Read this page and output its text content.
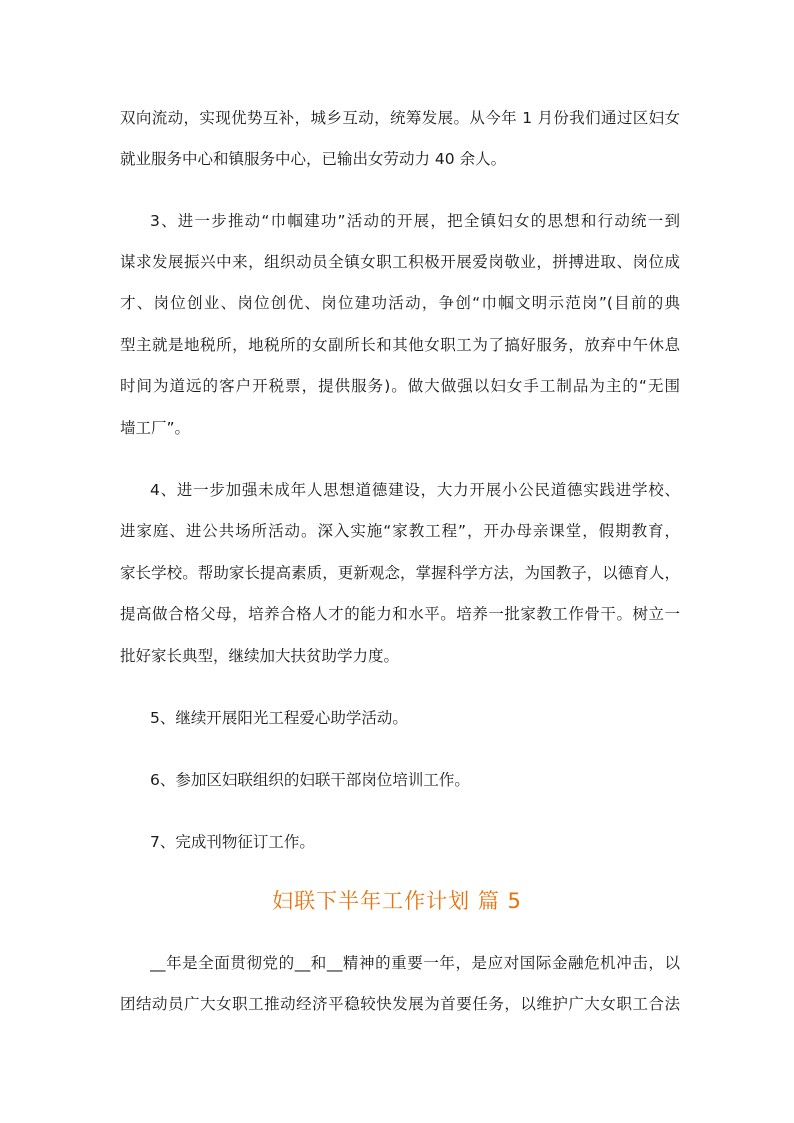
双向流动，实现优势互补，城乡互动，统筹发展。从今年 1 月份我们通过区妇女
就业服务中心和镇服务中心，已输出女劳动力 40 余人。
3、进一步推动“巾帼建功”活动的开展，把全镇妇女的思想和行动统一到
谋求发展振兴中来，组织动员全镇女职工积极开展爱岗敬业，拼搏进取、岗位成
才、岗位创业、岗位创优、岗位建功活动，争创“巾帼文明示范岗”(目前的典
型主就是地税所，地税所的女副所长和其他女职工为了搞好服务，放弃中午休息
时间为道远的客户开税票，提供服务)。做大做强以妇女手工制品为主的“无围
墙工厂”。
4、进一步加强未成年人思想道德建设，大力开展小公民道德实践进学校、
进家庭、进公共场所活动。深入实施“家教工程”，开办母亲课堂，假期教育，
家长学校。帮助家长提高素质，更新观念，掌握科学方法，为国教子，以德育人，
提高做合格父母，培养合格人才的能力和水平。培养一批家教工作骨干。树立一
批好家长典型，继续加大扶贫助学力度。
5、继续开展阳光工程爱心助学活动。
6、参加区妇联组织的妇联干部岗位培训工作。
7、完成刊物征订工作。
妇联下半年工作计划 篇 5
__年是全面贯彻党的__和__精神的重要一年，是应对国际金融危机冲击，以
团结动员广大女职工推动经济平稳较快发展为首要任务，以维护广大女职工合法
